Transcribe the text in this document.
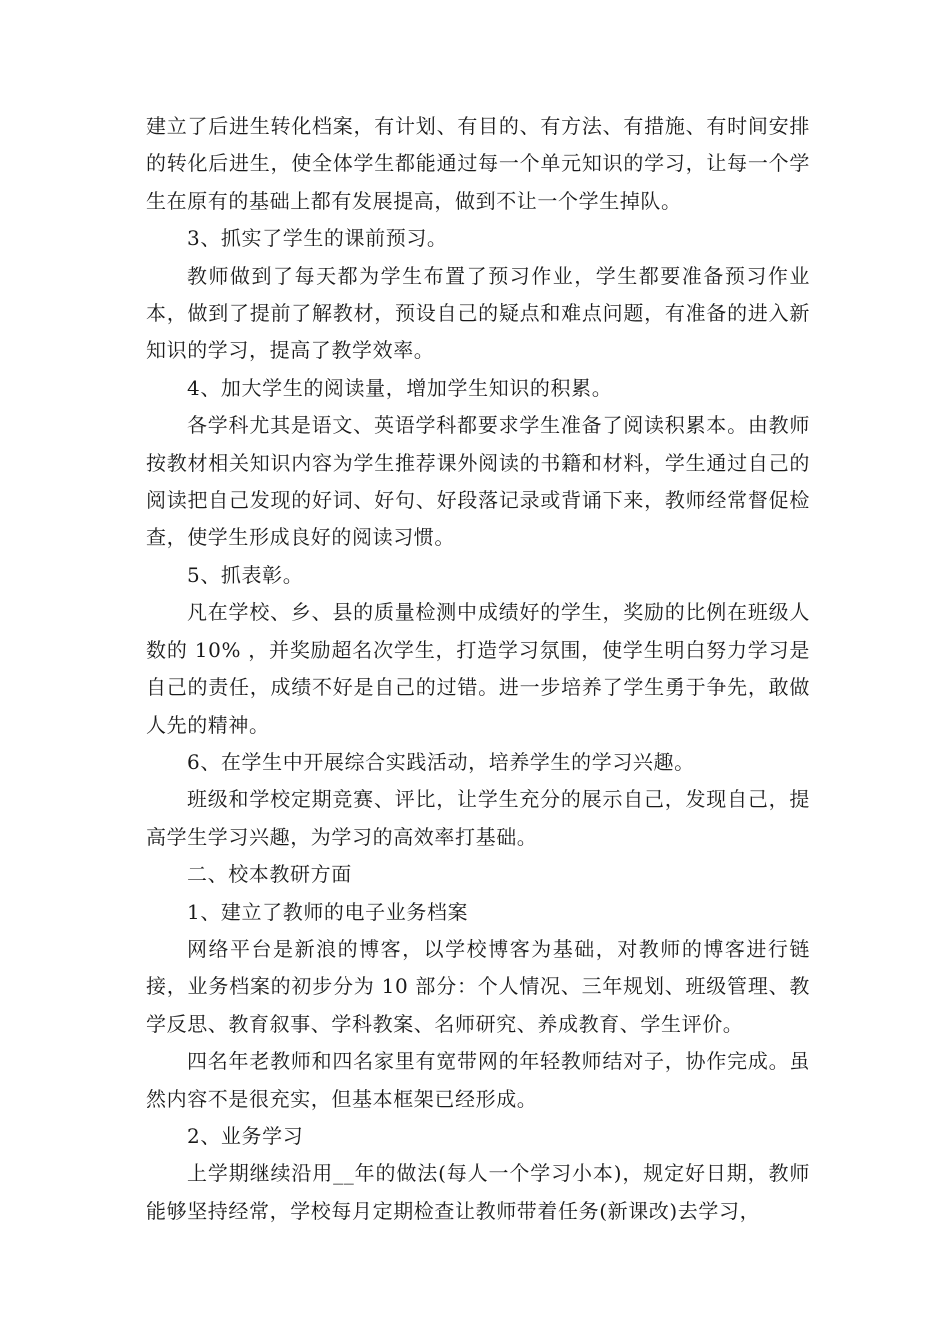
建立了后进生转化档案，有计划、有目的、有方法、有措施、有时间安排的转化后进生，使全体学生都能通过每一个单元知识的学习，让每一个学生在原有的基础上都有发展提高，做到不让一个学生掉队。

3、抓实了学生的课前预习。

教师做到了每天都为学生布置了预习作业，学生都要准备预习作业本，做到了提前了解教材，预设自己的疑点和难点问题，有准备的进入新知识的学习，提高了教学效率。

4、加大学生的阅读量，增加学生知识的积累。

各学科尤其是语文、英语学科都要求学生准备了阅读积累本。由教师按教材相关知识内容为学生推荐课外阅读的书籍和材料，学生通过自己的阅读把自己发现的好词、好句、好段落记录或背诵下来，教师经常督促检查，使学生形成良好的阅读习惯。

5、抓表彰。

凡在学校、乡、县的质量检测中成绩好的学生，奖励的比例在班级人数的 10% ，并奖励超名次学生，打造学习氛围，使学生明白努力学习是自己的责任，成绩不好是自己的过错。进一步培养了学生勇于争先，敢做人先的精神。

6、在学生中开展综合实践活动，培养学生的学习兴趣。

班级和学校定期竞赛、评比，让学生充分的展示自己，发现自己，提高学生学习兴趣，为学习的高效率打基础。

二、校本教研方面

1、建立了教师的电子业务档案

网络平台是新浪的博客，以学校博客为基础，对教师的博客进行链接，业务档案的初步分为 10 部分：个人情况、三年规划、班级管理、教学反思、教育叙事、学科教案、名师研究、养成教育、学生评价。

四名年老教师和四名家里有宽带网的年轻教师结对子，协作完成。虽然内容不是很充实，但基本框架已经形成。

2、业务学习

上学期继续沿用__年的做法(每人一个学习小本)，规定好日期，教师能够坚持经常，学校每月定期检查让教师带着任务(新课改)去学习，
